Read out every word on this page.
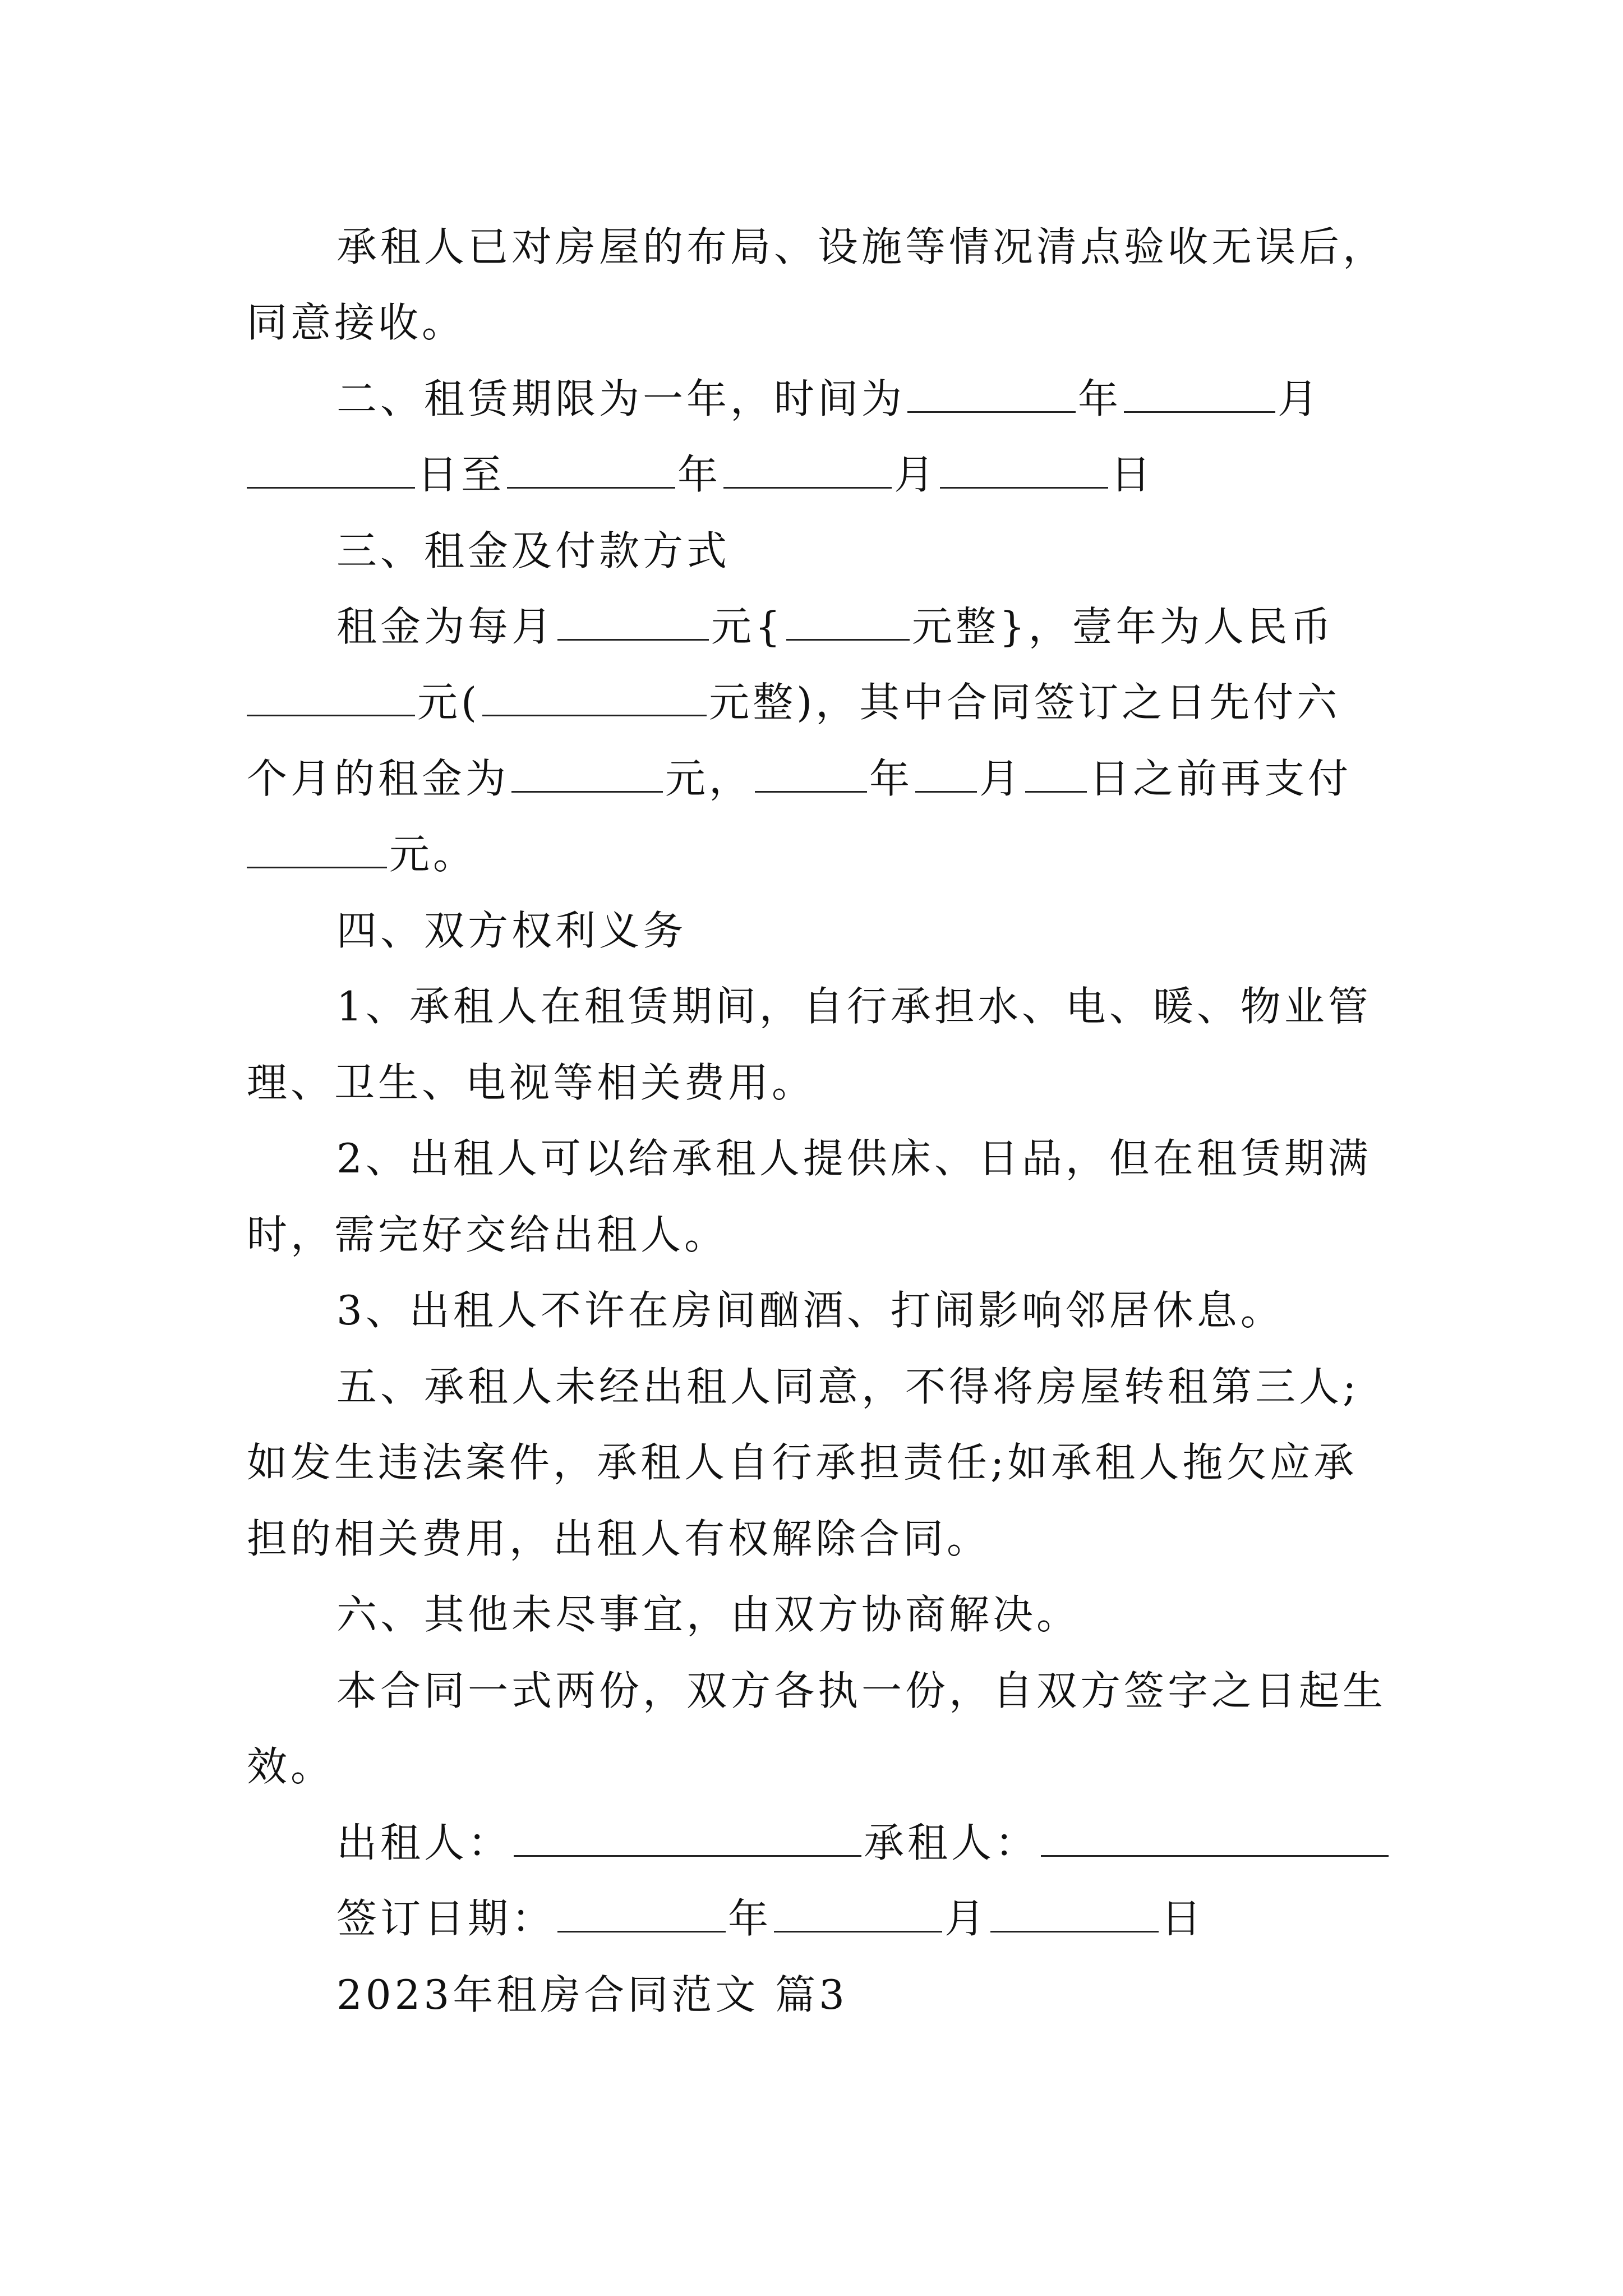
承租人已对房屋的布局、设施等情况清点验收无误后，
同意接收。
二、租赁期限为一年，时间为	年	月
日至	年	月	日
三、租金及付款方式
租金为每月	元{	元整}，壹年为人民币
元(	元整)，其中合同签订之日先付六
个月的租金为	元，	年 月 日之前再支付
元。
四、双方权利义务
1、承租人在租赁期间，自行承担水、电、暖、物业管
理、卫生、电视等相关费用。
2、出租人可以给承租人提供床、日品，但在租赁期满
时，需完好交给出租人。
3、出租人不许在房间酗酒、打闹影响邻居休息。
五、承租人未经出租人同意，不得将房屋转租第三人;
如发生违法案件，承租人自行承担责任;如承租人拖欠应承
担的相关费用，出租人有权解除合同。
六、其他未尽事宜，由双方协商解决。
本合同一式两份，双方各执一份，自双方签字之日起生
效。
出租人：	承租人：
签订日期：	年	月	日
2023年租房合同范文 篇3
